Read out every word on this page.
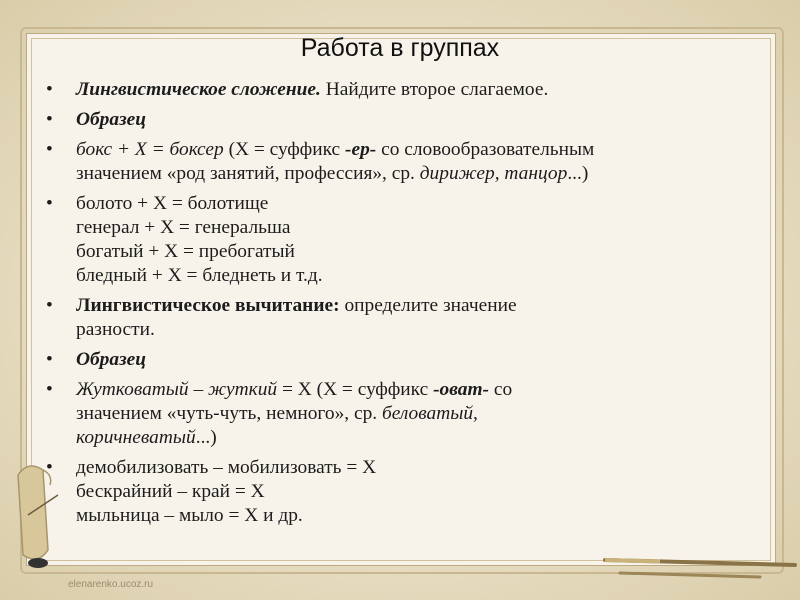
Работа в группах
• Лингвистическое сложение. Найдите второе слагаемое.
• Образец
• бокс + Х = боксер (Х = суффикс -ер- со словообразовательным
значением «род занятий, профессия», ср. дирижер, танцор...)
• болото + Х = болотище
генерал + Х = генеральша
богатый + Х = пребогатый
бледный + Х = бледнеть и т.д.
• Лингвистическое вычитание: определите значение
разности.
• Образец
• Жутковатый – жуткий = Х (Х = суффикс -оват- со
значением «чуть-чуть, немного», ср. беловатый,
коричневатый...)
• демобилизовать – мобилизовать = Х
бескрайний – край = Х
мыльница – мыло = Х и др.
elenarenko.ucoz.ru
